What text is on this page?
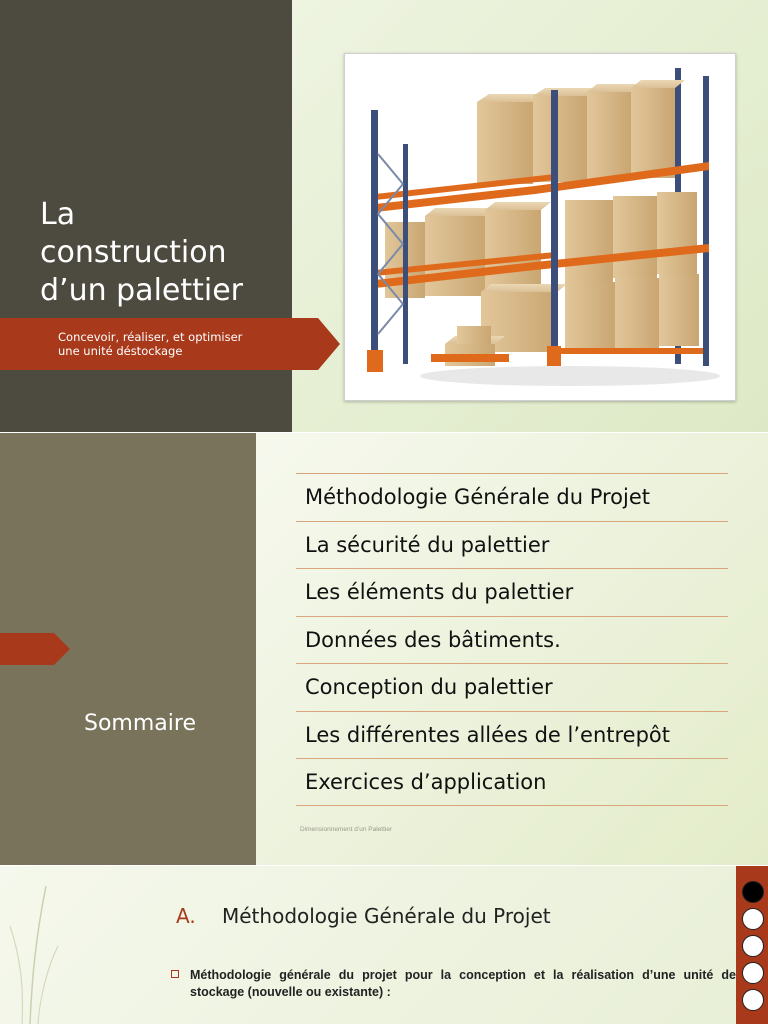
La
construction
d’un palettier
Concevoir, réaliser, et optimiser
une unité déstockage
Sommaire
Méthodologie Générale du Projet
La sécurité du palettier
Les éléments du palettier
Données des bâtiments.
Conception du palettier
Les différentes allées de l’entrepôt
Exercices d’application
Dimensionnement d’un Palettier
A. Méthodologie Générale du Projet

Méthodologie générale du projet pour la conception et la réalisation d’une unité de stockage (nouvelle ou existante) :
